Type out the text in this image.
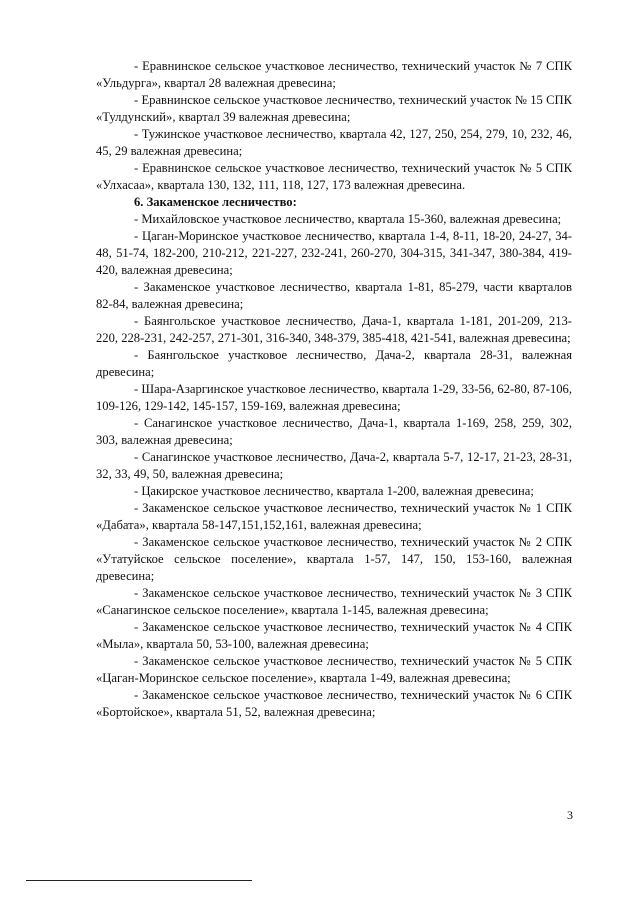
- Еравнинское сельское участковое лесничество, технический участок № 7 СПК «Ульдурга», квартал 28 валежная древесина;

- Еравнинское сельское участковое лесничество, технический участок № 15 СПК «Тулдунский», квартал 39 валежная древесина;

- Тужинское участковое лесничество, квартала 42, 127, 250, 254, 279, 10, 232, 46, 45, 29 валежная древесина;

- Еравнинское сельское участковое лесничество, технический участок № 5 СПК «Улхасаа», квартала 130, 132, 111, 118, 127, 173 валежная древесина.

6. Закаменское лесничество:

- Михайловское участковое лесничество, квартала 15-360, валежная древесина;

- Цаган-Моринское участковое лесничество, квартала 1-4, 8-11, 18-20, 24-27, 34-48, 51-74, 182-200, 210-212, 221-227, 232-241, 260-270, 304-315, 341-347, 380-384, 419-420, валежная древесина;

- Закаменское участковое лесничество, квартала 1-81, 85-279, части кварталов 82-84, валежная древесина;

- Баянгольское участковое лесничество, Дача-1, квартала 1-181, 201-209, 213-220, 228-231, 242-257, 271-301, 316-340, 348-379, 385-418, 421-541, валежная древесина;

- Баянгольское участковое лесничество, Дача-2, квартала 28-31, валежная древесина;

- Шара-Азаргинское участковое лесничество, квартала 1-29, 33-56, 62-80, 87-106, 109-126, 129-142, 145-157, 159-169, валежная древесина;

- Санагинское участковое лесничество, Дача-1, квартала 1-169, 258, 259, 302, 303, валежная древесина;

- Санагинское участковое лесничество, Дача-2, квартала 5-7, 12-17, 21-23, 28-31, 32, 33, 49, 50, валежная древесина;

- Цакирское участковое лесничество, квартала 1-200, валежная древесина;

- Закаменское сельское участковое лесничество, технический участок № 1 СПК «Дабата», квартала 58-147,151,152,161, валежная древесина;

- Закаменское сельское участковое лесничество, технический участок № 2 СПК «Утатуйское сельское поселение», квартала 1-57, 147, 150, 153-160, валежная древесина;

- Закаменское сельское участковое лесничество, технический участок № 3 СПК «Санагинское сельское поселение», квартала 1-145, валежная древесина;

- Закаменское сельское участковое лесничество, технический участок № 4 СПК «Мыла», квартала 50, 53-100, валежная древесина;

- Закаменское сельское участковое лесничество, технический участок № 5 СПК «Цаган-Моринское сельское поселение», квартала 1-49, валежная древесина;

- Закаменское сельское участковое лесничество, технический участок № 6 СПК «Бортойское», квартала 51, 52, валежная древесина;

3
